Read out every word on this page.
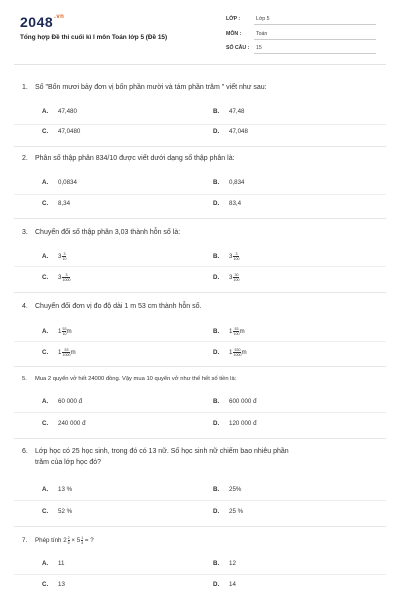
$2048^{.vn}$
Tổng hợp Đề thi cuối kì I môn Toán lớp 5 (Đề 15)
LỚP :	Lớp 5
MÔN :	Toán
SỐ CÂU : 15
1. Số "Bốn mươi bảy đơn vị bốn phần mười và tám phần trăm " viết như sau:
A. 47,480	B. 47,48
C. 47,0480	D. 47,048
2. Phân số thập phân 834/10 được viết dưới dạng số thập phân là:
A. 0,0834	B. 0,834
C. 8,34	D. 83,4
3. Chuyển đổi số thập phân 3,03 thành hỗn số là:
A. $3 \frac{3}{10}$	B. $3 \frac{3}{100}$
C. $3 \frac{3}{1000}$	D. $3 \frac{30}{100}$
4. Chuyển đổi đơn vị đo độ dài 1 m 53 cm thành hỗn số.
A. $1 \frac{53}{10}$ m	B. $1 \frac{53}{100}$ m
C. $1 \frac{53}{1000}$ m	D. $1 \frac{530}{1000}$ m
5. Mua 2 quyển vở hết 24000 đồng. Vậy mua 10 quyển vở như thế hết số tiền là:
A. 60 000 đ	B. 600 000 đ
C. 240 000 đ	D. 120 000 đ
6. Lớp học có 25 học sinh, trong đó có 13 nữ. Số học sinh nữ chiếm bao nhiêu phần
trăm của lớp học đó?
A. 13 %	B. 25%
C. 52 %	D. 25 %
7. Phép tính $2 \frac{2}{5} \times 5 \frac{1}{4}$ = ?
A. 11	B. 12
C. 13	D. 14
